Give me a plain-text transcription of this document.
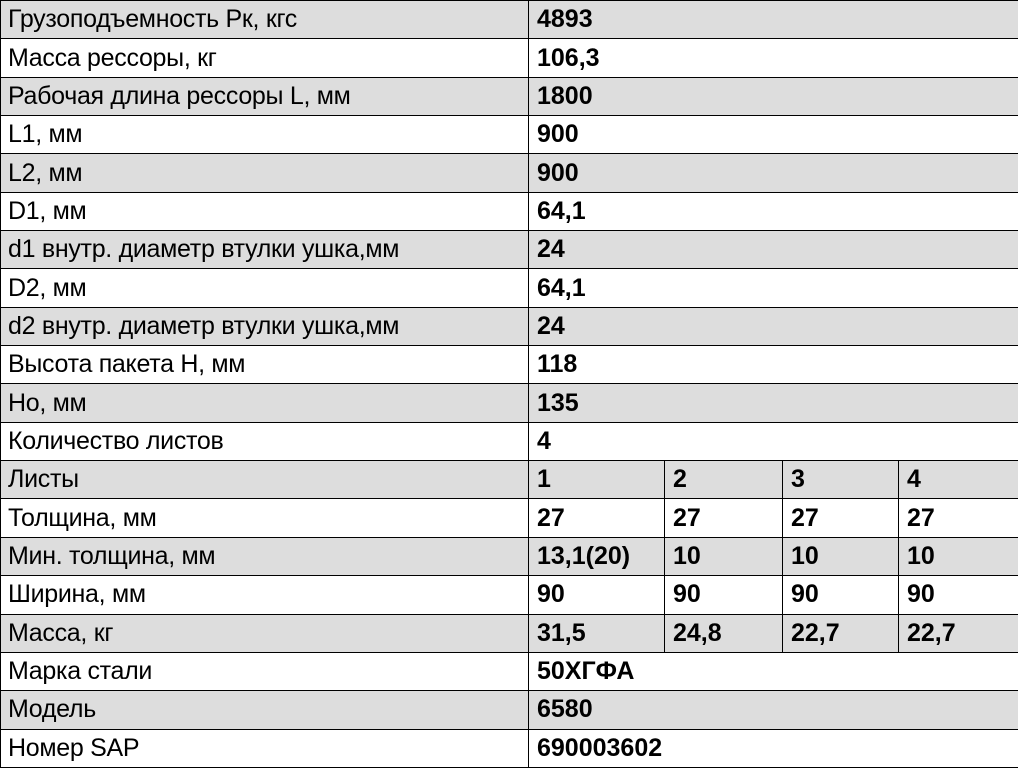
Грузоподъемность Pк, кгс	4893			
Масса рессоры, кг	106,3			
Рабочая длина рессоры L, мм	1800			
L1, мм	900			
L2, мм	900			
D1, мм	64,1			
d1 внутр. диаметр втулки ушка,мм	24			
D2, мм	64,1			
d2 внутр. диаметр втулки ушка,мм	24			
Высота пакета H, мм	118			
Ho, мм	135			
Количество листов	4			
Листы	1	2	3	4
Толщина, мм	27	27	27	27
Мин. толщина, мм	13,1(20)	10	10	10
Ширина, мм	90	90	90	90
Масса, кг	31,5	24,8	22,7	22,7
Марка стали	50ХГФА			
Модель	6580			
Номер SAP	690003602			
